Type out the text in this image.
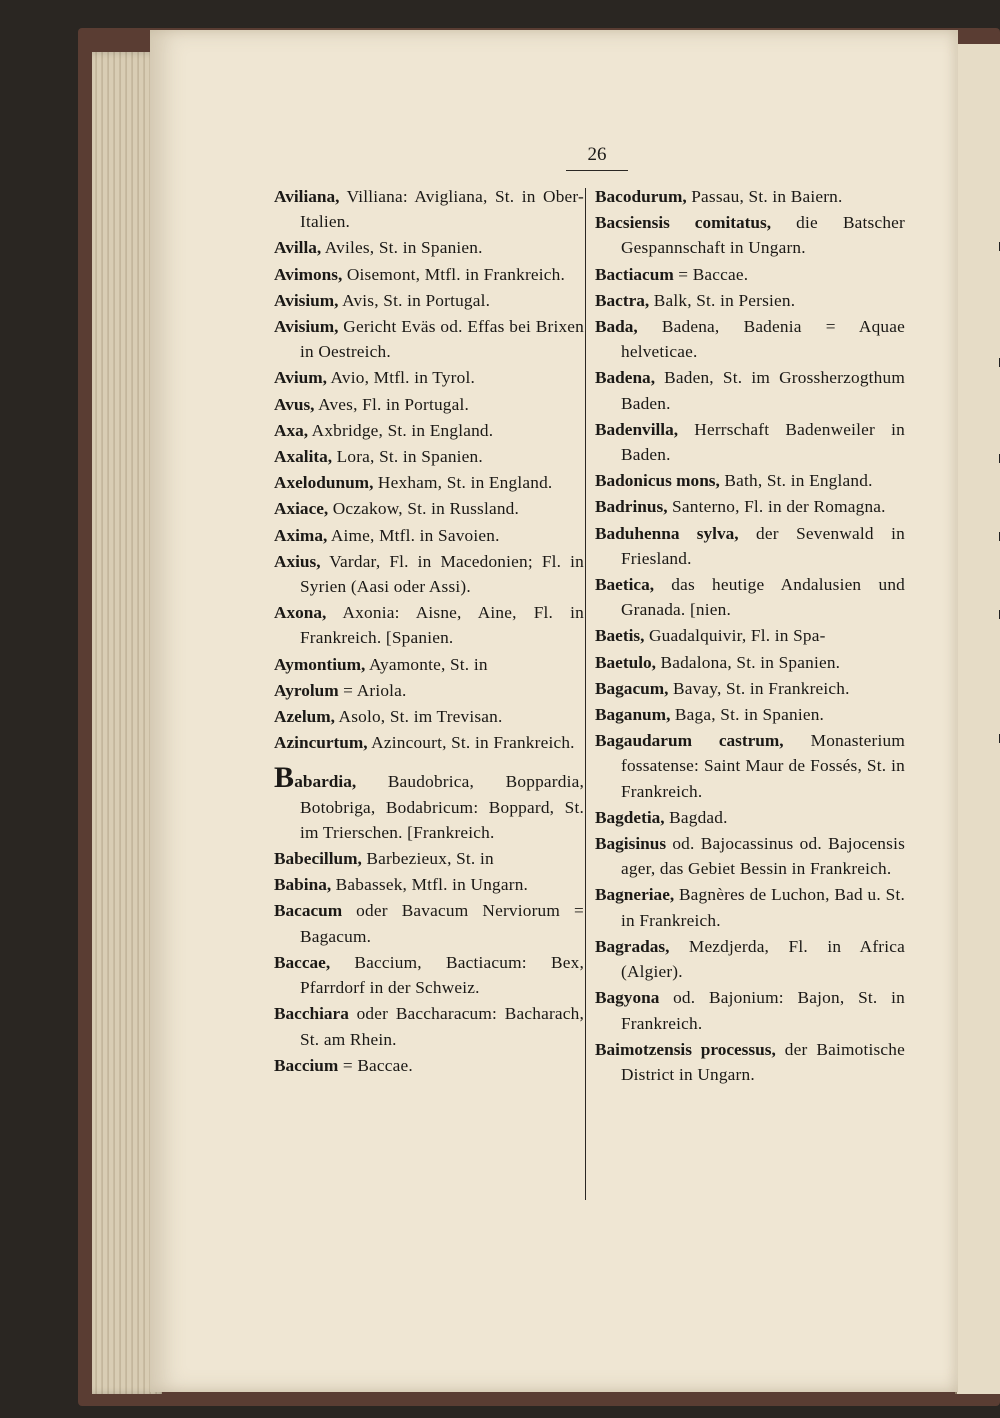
26

Aviliana, Villiana: Avigliana, St. in Ober-Italien.

Avilla, Aviles, St. in Spanien.

Avimons, Oisemont, Mtfl. in Frankreich.

Avisium, Avis, St. in Portugal.

Avisium, Gericht Eväs od. Effas bei Brixen in Oestreich.

Avium, Avio, Mtfl. in Tyrol.

Avus, Aves, Fl. in Portugal.

Axa, Axbridge, St. in England.

Axalita, Lora, St. in Spanien.

Axelodunum, Hexham, St. in England.

Axiace, Oczakow, St. in Russland.

Axima, Aime, Mtfl. in Savoien.

Axius, Vardar, Fl. in Macedonien; Fl. in Syrien (Aasi oder Assi).

Axona, Axonia: Aisne, Aine, Fl. in Frankreich. [Spanien.

Aymontium, Ayamonte, St. in

Ayrolum = Ariola.

Azelum, Asolo, St. im Trevisan.

Azincurtum, Azincourt, St. in Frankreich.

Babardia, Baudobrica, Boppardia, Botobriga, Bodabricum: Boppard, St. im Trierschen. [Frankreich.

Babecillum, Barbezieux, St. in

Babina, Babassek, Mtfl. in Ungarn.

Bacacum oder Bavacum Nerviorum = Bagacum.

Baccae, Baccium, Bactiacum: Bex, Pfarrdorf in der Schweiz.

Bacchiara oder Baccharacum: Bacharach, St. am Rhein.

Baccium = Baccae.

Bacodurum, Passau, St. in Baiern.

Bacsiensis comitatus, die Batscher Gespannschaft in Ungarn.

Bactiacum = Baccae.

Bactra, Balk, St. in Persien.

Bada, Badena, Badenia = Aquae helveticae.

Badena, Baden, St. im Grossherzogthum Baden.

Badenvilla, Herrschaft Badenweiler in Baden.

Badonicus mons, Bath, St. in England.

Badrinus, Santerno, Fl. in der Romagna.

Baduhenna sylva, der Sevenwald in Friesland.

Baetica, das heutige Andalusien und Granada. [nien.

Baetis, Guadalquivir, Fl. in Spa-

Baetulo, Badalona, St. in Spanien.

Bagacum, Bavay, St. in Frankreich.

Baganum, Baga, St. in Spanien.

Bagaudarum castrum, Monasterium fossatense: Saint Maur de Fossés, St. in Frankreich.

Bagdetia, Bagdad.

Bagisinus od. Bajocassinus od. Bajocensis ager, das Gebiet Bessin in Frankreich.

Bagneriae, Bagnères de Luchon, Bad u. St. in Frankreich.

Bagradas, Mezdjerda, Fl. in Africa (Algier).

Bagyona od. Bajonium: Bajon, St. in Frankreich.

Baimotzensis processus, der Baimotische District in Ungarn.
